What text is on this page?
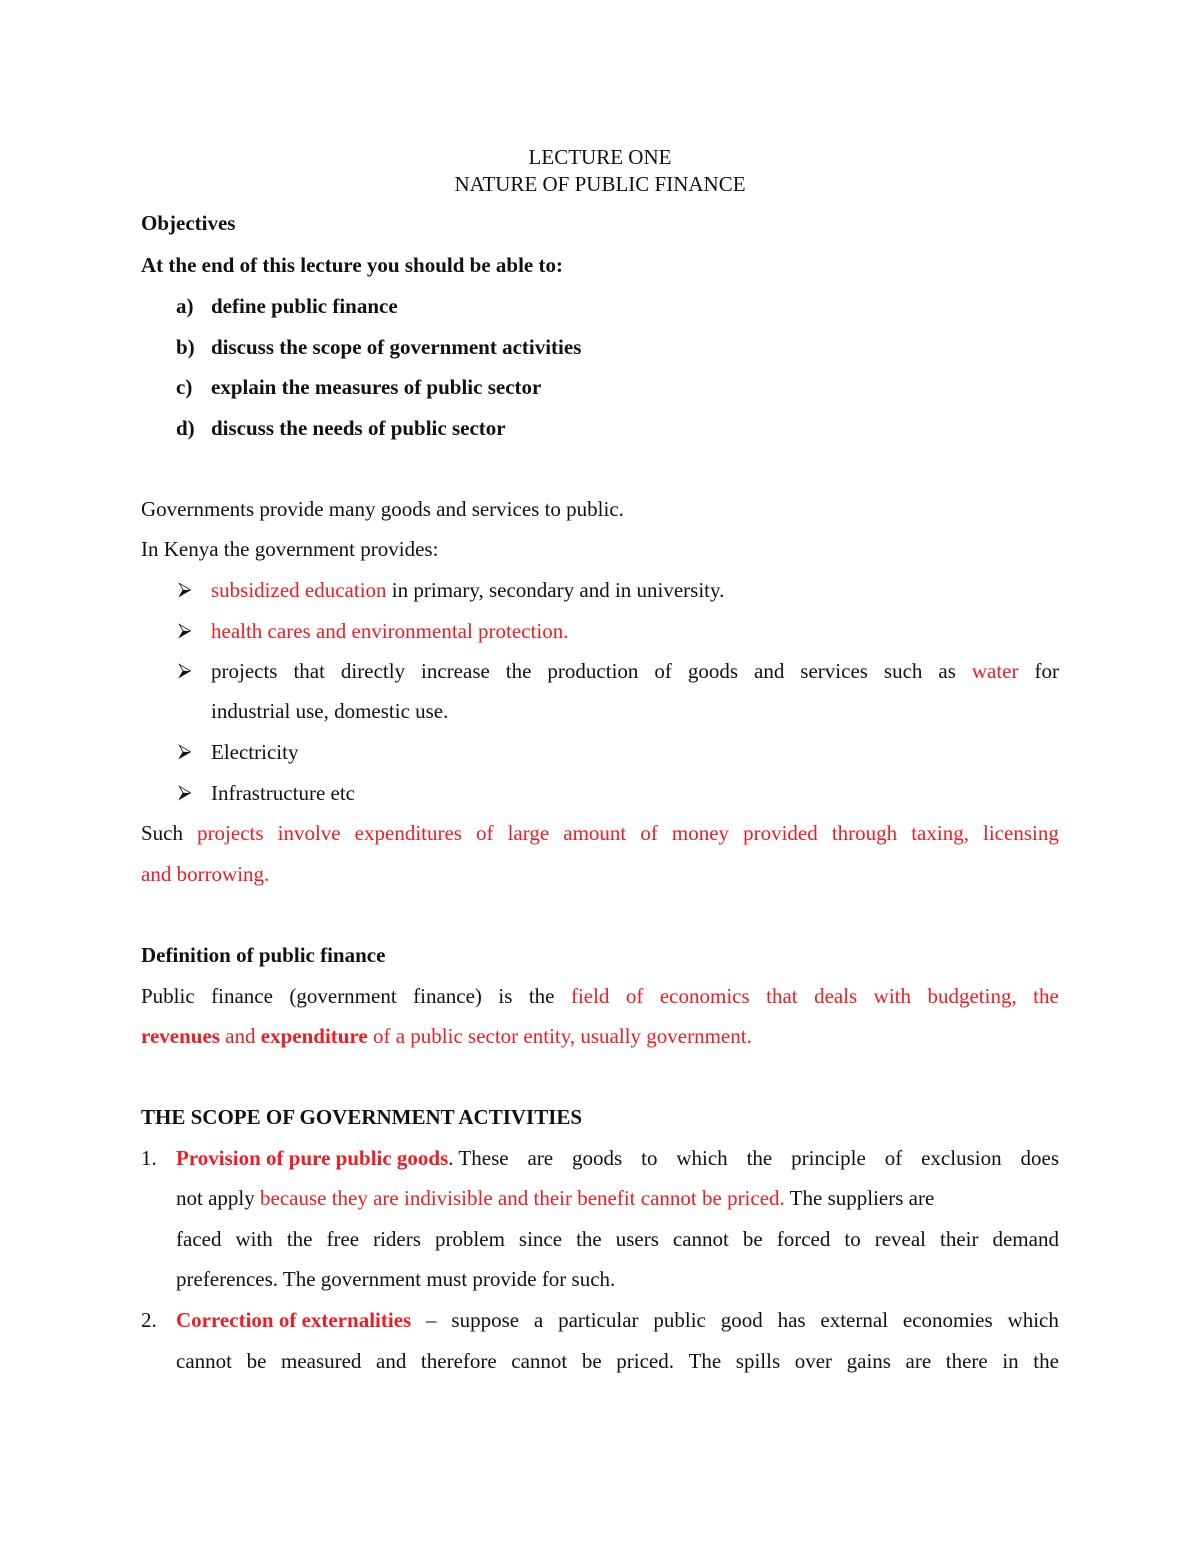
LECTURE ONE
NATURE OF PUBLIC FINANCE
Objectives
At the end of this lecture you should be able to:
a) define public finance
b) discuss the scope of government activities
c) explain the measures of public sector
d) discuss the needs of public sector
Governments provide many goods and services to public.
In Kenya the government provides:
⮚ subsidized education in primary, secondary and in university.
⮚ health cares and environmental protection.
⮚ projects that directly increase the production of goods and services such as water for
industrial use, domestic use.
⮚ Electricity
⮚ Infrastructure etc
Such projects involve expenditures of large amount of money provided through taxing, licensing
and borrowing.
Definition of public finance
Public finance (government finance) is the field of economics that deals with budgeting, the
revenues and expenditure of a public sector entity, usually government.
THE SCOPE OF GOVERNMENT ACTIVITIES
1. Provision of pure public goods. These are goods to which the principle of exclusion does
not apply because they are indivisible and their benefit cannot be priced. The suppliers are
faced with the free riders problem since the users cannot be forced to reveal their demand
preferences. The government must provide for such.
2. Correction of externalities – suppose a particular public good has external economies which
cannot be measured and therefore cannot be priced. The spills over gains are there in the
